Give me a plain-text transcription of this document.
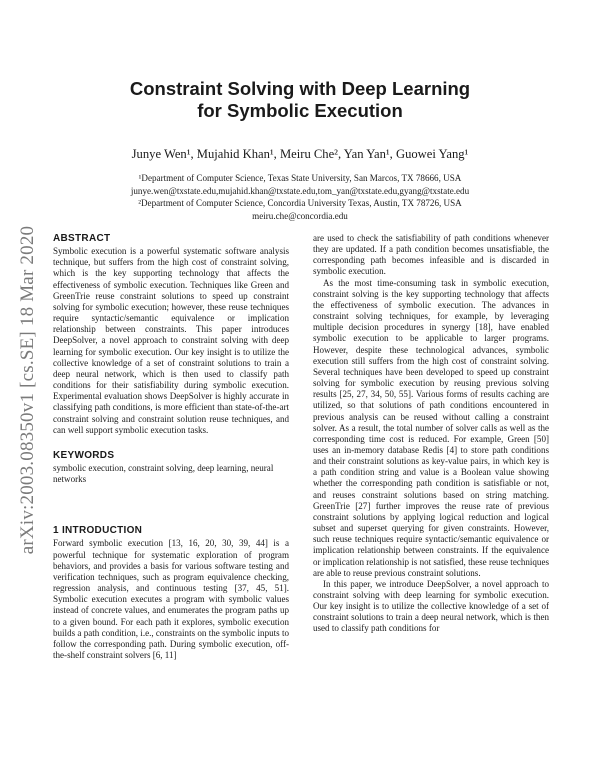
arXiv:2003.08350v1 [cs.SE] 18 Mar 2020
Constraint Solving with Deep Learning
for Symbolic Execution
Junye Wen¹, Mujahid Khan¹, Meiru Che², Yan Yan¹, Guowei Yang¹
¹Department of Computer Science, Texas State University, San Marcos, TX 78666, USA
junye.wen@txstate.edu,mujahid.khan@txstate.edu,tom_yan@txstate.edu,gyang@txstate.edu
²Department of Computer Science, Concordia University Texas, Austin, TX 78726, USA
meiru.che@concordia.edu
ABSTRACT

Symbolic execution is a powerful systematic software analysis technique, but suffers from the high cost of constraint solving, which is the key supporting technology that affects the effectiveness of symbolic execution. Techniques like Green and GreenTrie reuse constraint solutions to speed up constraint solving for symbolic execution; however, these reuse techniques require syntactic/semantic equivalence or implication relationship between constraints. This paper introduces DeepSolver, a novel approach to constraint solving with deep learning for symbolic execution. Our key insight is to utilize the collective knowledge of a set of constraint solutions to train a deep neural network, which is then used to classify path conditions for their satisfiability during symbolic execution. Experimental evaluation shows DeepSolver is highly accurate in classifying path conditions, is more efficient than state-of-the-art constraint solving and constraint solution reuse techniques, and can well support symbolic execution tasks.

KEYWORDS

symbolic execution, constraint solving, deep learning, neural networks

1 INTRODUCTION

Forward symbolic execution [13, 16, 20, 30, 39, 44] is a powerful technique for systematic exploration of program behaviors, and provides a basis for various software testing and verification techniques, such as program equivalence checking, regression analysis, and continuous testing [37, 45, 51]. Symbolic execution executes a program with symbolic values instead of concrete values, and enumerates the program paths up to a given bound. For each path it explores, symbolic execution builds a path condition, i.e., constraints on the symbolic inputs to follow the corresponding path. During symbolic execution, off-the-shelf constraint solvers [6, 11]

are used to check the satisfiability of path conditions whenever they are updated. If a path condition becomes unsatisfiable, the corresponding path becomes infeasible and is discarded in symbolic execution.

As the most time-consuming task in symbolic execution, constraint solving is the key supporting technology that affects the effectiveness of symbolic execution. The advances in constraint solving techniques, for example, by leveraging multiple decision procedures in synergy [18], have enabled symbolic execution to be applicable to larger programs. However, despite these technological advances, symbolic execution still suffers from the high cost of constraint solving. Several techniques have been developed to speed up constraint solving for symbolic execution by reusing previous solving results [25, 27, 34, 50, 55]. Various forms of results caching are utilized, so that solutions of path conditions encountered in previous analysis can be reused without calling a constraint solver. As a result, the total number of solver calls as well as the corresponding time cost is reduced. For example, Green [50] uses an in-memory database Redis [4] to store path conditions and their constraint solutions as key-value pairs, in which key is a path condition string and value is a Boolean value showing whether the corresponding path condition is satisfiable or not, and reuses constraint solutions based on string matching. GreenTrie [27] further improves the reuse rate of previous constraint solutions by applying logical reduction and logical subset and superset querying for given constraints. However, such reuse techniques require syntactic/semantic equivalence or implication relationship between constraints. If the equivalence or implication relationship is not satisfied, these reuse techniques are able to reuse previous constraint solutions.

In this paper, we introduce DeepSolver, a novel approach to constraint solving with deep learning for symbolic execution. Our key insight is to utilize the collective knowledge of a set of constraint solutions to train a deep neural network, which is then used to classify path conditions for
